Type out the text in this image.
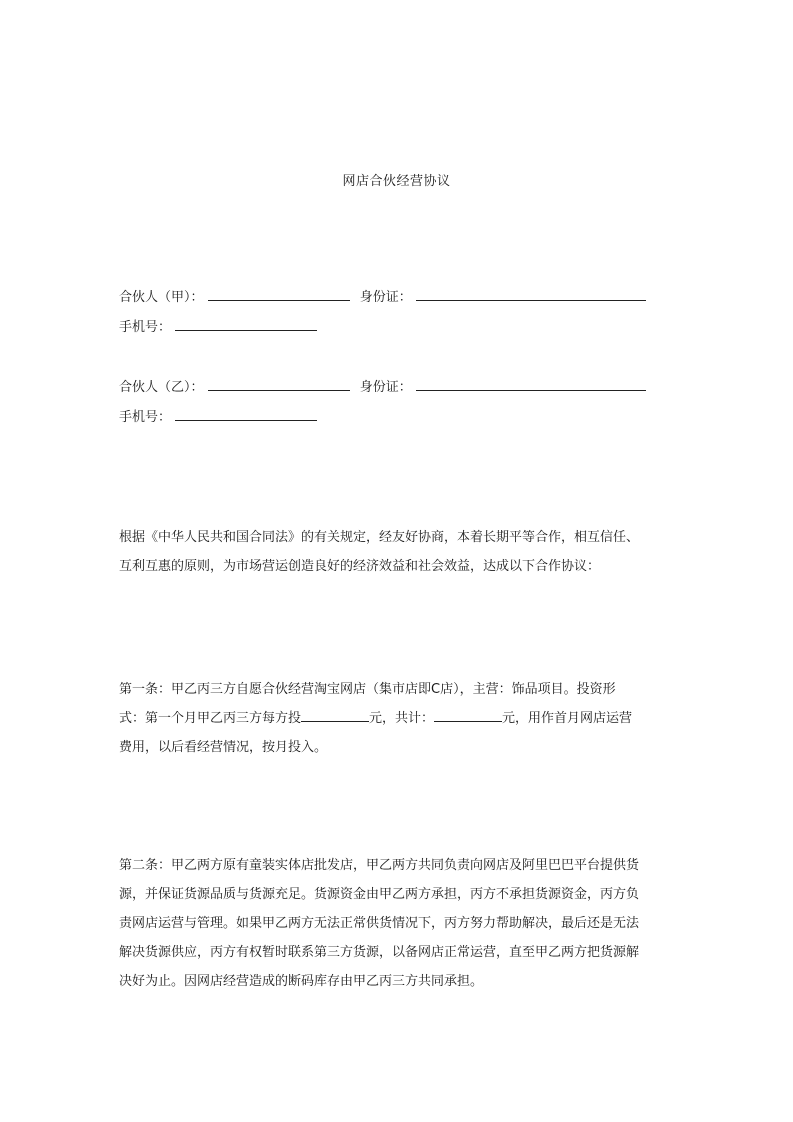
网店合伙经营协议
合伙人（甲）：	身份证：
手机号：
合伙人（乙）：	身份证：
手机号：

根据《中华人民共和国合同法》的有关规定，经友好协商，本着长期平等合作，相互信任、

互利互惠的原则，为市场营运创造良好的经济效益和社会效益，达成以下合作协议：

第一条：甲乙丙三方自愿合伙经营淘宝网店（集市店即C店），主营：饰品项目。投资形

式：第一个月甲乙丙三方每方投	元，共计：	元，用作首月网店运营

费用，以后看经营情况，按月投入。

第二条：甲乙两方原有童装实体店批发店，甲乙两方共同负责向网店及阿里巴巴平台提供货

源，并保证货源品质与货源充足。货源资金由甲乙两方承担，丙方不承担货源资金，丙方负

责网店运营与管理。如果甲乙两方无法正常供货情况下，丙方努力帮助解决，最后还是无法

解决货源供应，丙方有权暂时联系第三方货源，以备网店正常运营，直至甲乙两方把货源解

决好为止。因网店经营造成的断码库存由甲乙丙三方共同承担。
